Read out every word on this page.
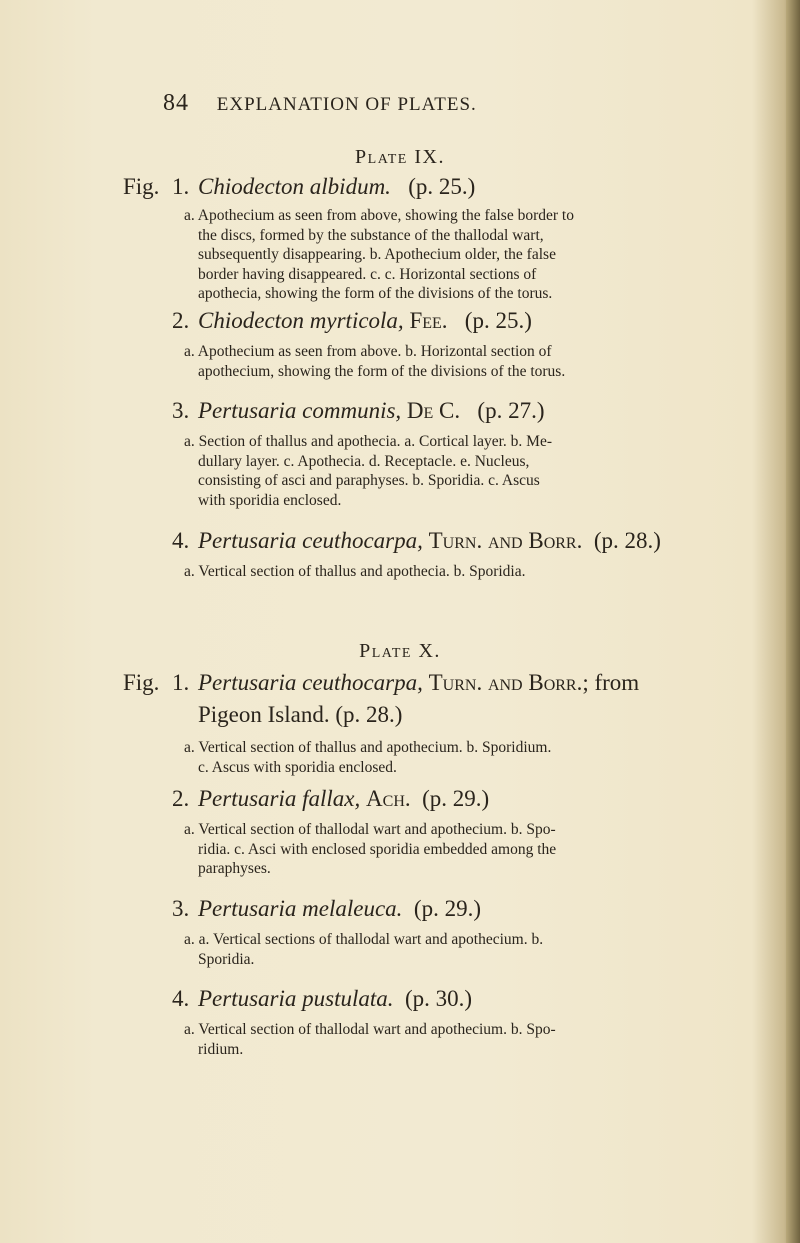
84 EXPLANATION OF PLATES.
Plate IX.
Fig. 1. Chiodecton albidum. (p. 25.)
a. Apothecium as seen from above, showing the false border to

the discs, formed by the substance of the thallodal wart,
subsequently disappearing. b. Apothecium older, the false
border having disappeared. c. c. Horizontal sections of
apothecia, showing the form of the divisions of the torus.
2. Chiodecton myrticola, Fee. (p. 25.)
a. Apothecium as seen from above. b. Horizontal section of

apothecium, showing the form of the divisions of the torus.
3. Pertusaria communis, De C. (p. 27.)
a. Section of thallus and apothecia. a. Cortical layer. b. Me-

dullary layer. c. Apothecia. d. Receptacle. e. Nucleus,
consisting of asci and paraphyses. b. Sporidia. c. Ascus
with sporidia enclosed.
4. Pertusaria ceuthocarpa, Turn. and Borr. (p. 28.)
a. Vertical section of thallus and apothecia. b. Sporidia.
Plate X.
Fig. 1. Pertusaria ceuthocarpa, Turn. and Borr.; from
Pigeon Island. (p. 28.)
a. Vertical section of thallus and apothecium. b. Sporidium.

c. Ascus with sporidia enclosed.
2. Pertusaria fallax, Ach. (p. 29.)
a. Vertical section of thallodal wart and apothecium. b. Spo-

ridia. c. Asci with enclosed sporidia embedded among the
paraphyses.
3. Pertusaria melaleuca. (p. 29.)
a. a. Vertical sections of thallodal wart and apothecium. b.

Sporidia.
4. Pertusaria pustulata. (p. 30.)
a. Vertical section of thallodal wart and apothecium. b. Spo-

ridium.
